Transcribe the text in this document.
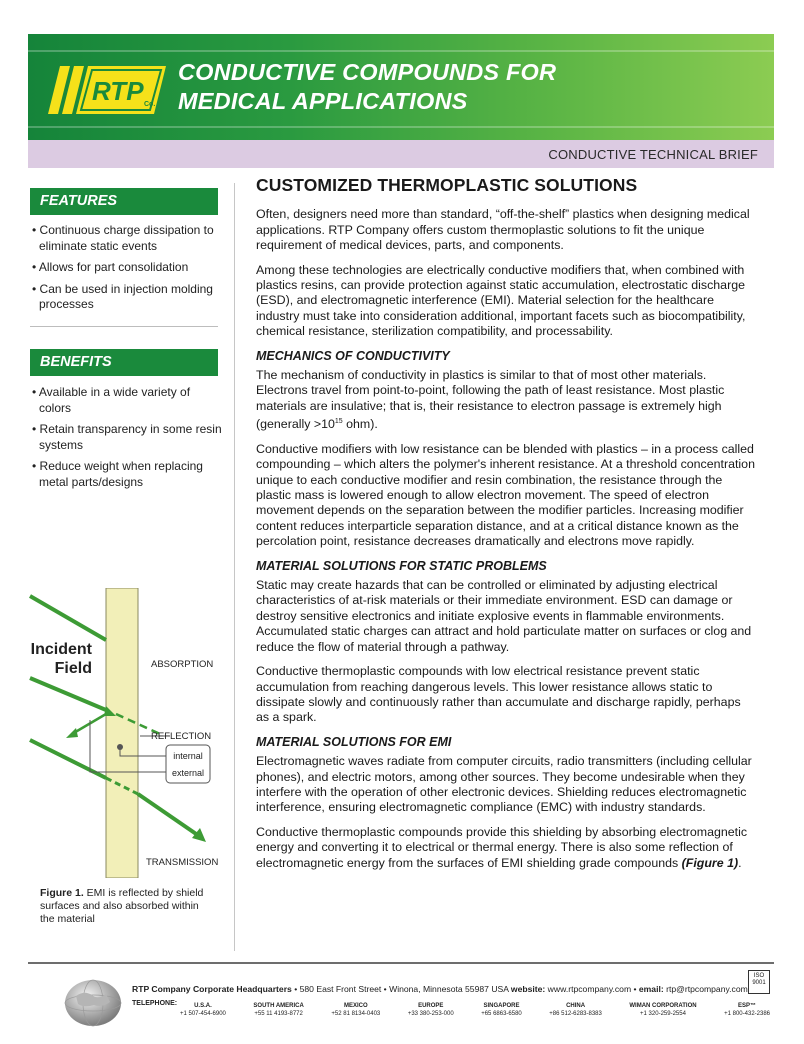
RTP Co.
CONDUCTIVE COMPOUNDS FOR
MEDICAL APPLICATIONS
CONDUCTIVE TECHNICAL BRIEF
FEATURES
• Continuous charge dissipation to eliminate static events
• Allows for part consolidation
• Can be used in injection molding processes
BENEFITS
• Available in a wide variety of colors
• Retain transparency in some resin systems
• Reduce weight when replacing metal parts/designs
internal
external
Incident
Field	ABSORPTION
REFLECTION
TRANSMISSION
Figure 1. EMI is reflected by shield surfaces and also absorbed within the material
CUSTOMIZED THERMOPLASTIC SOLUTIONS

Often, designers need more than standard, “off-the-shelf” plastics when designing medical applications. RTP Company offers custom thermoplastic solutions to fit the unique requirement of medical devices, parts, and components.

Among these technologies are electrically conductive modifiers that, when combined with plastics resins, can provide protection against static accumulation, electrostatic discharge (ESD), and electromagnetic interference (EMI). Material selection for the healthcare industry must take into consideration additional, important facets such as biocompatibility, chemical resistance, sterilization compatibility, and processability.

MECHANICS OF CONDUCTIVITY

The mechanism of conductivity in plastics is similar to that of most other materials. Electrons travel from point-to-point, following the path of least resistance. Most plastic materials are insulative; that is, their resistance to electron passage is extremely high (generally $>10^{15}$ ohm).

Conductive modifiers with low resistance can be blended with plastics – in a process called compounding – which alters the polymer's inherent resistance. At a threshold concentration unique to each conductive modifier and resin combination, the resistance through the plastic mass is lowered enough to allow electron movement. The speed of electron movement depends on the separation between the modifier particles. Increasing modifier content reduces interparticle separation distance, and at a critical distance known as the percolation point, resistance decreases dramatically and electrons move rapidly.

MATERIAL SOLUTIONS FOR STATIC PROBLEMS

Static may create hazards that can be controlled or eliminated by adjusting electrical characteristics of at-risk materials or their immediate environment. ESD can damage or destroy sensitive electronics and initiate explosive events in flammable environments. Accumulated static charges can attract and hold particulate matter on surfaces or clog and reduce the flow of material through a pathway.

Conductive thermoplastic compounds with low electrical resistance prevent static accumulation from reaching dangerous levels. This lower resistance allows static to dissipate slowly and continuously rather than accumulate and discharge rapidly, perhaps as a spark.

MATERIAL SOLUTIONS FOR EMI

Electromagnetic waves radiate from computer circuits, radio transmitters (including cellular phones), and electric motors, among other sources. They become undesirable when they interfere with the operation of other electronic devices. Shielding reduces electromagnetic interference, ensuring electromagnetic compliance (EMC) with industry standards.

Conductive thermoplastic compounds provide this shielding by absorbing electromagnetic energy and converting it to electrical or thermal energy. There is also some reflection of electromagnetic energy from the surfaces of EMI shielding grade compounds (Figure 1).

RTP Company Corporate Headquarters • 580 East Front Street • Winona, Minnesota 55987 USA website: www.rtpcompany.com • email: rtp@rtpcompany.com
TELEPHONE:	U.S.A.
+1 507-454-6900
SOUTH AMERICA
+55 11 4193-8772
MEXICO
+52 81 8134-0403
EUROPE
+33 380-253-000
SINGAPORE
+65 6863-6580
CHINA
+86 512-6283-8383
WIMAN CORPORATION
+1 320-259-2554
ESP™
+1 800-432-2386
ISO
9001
